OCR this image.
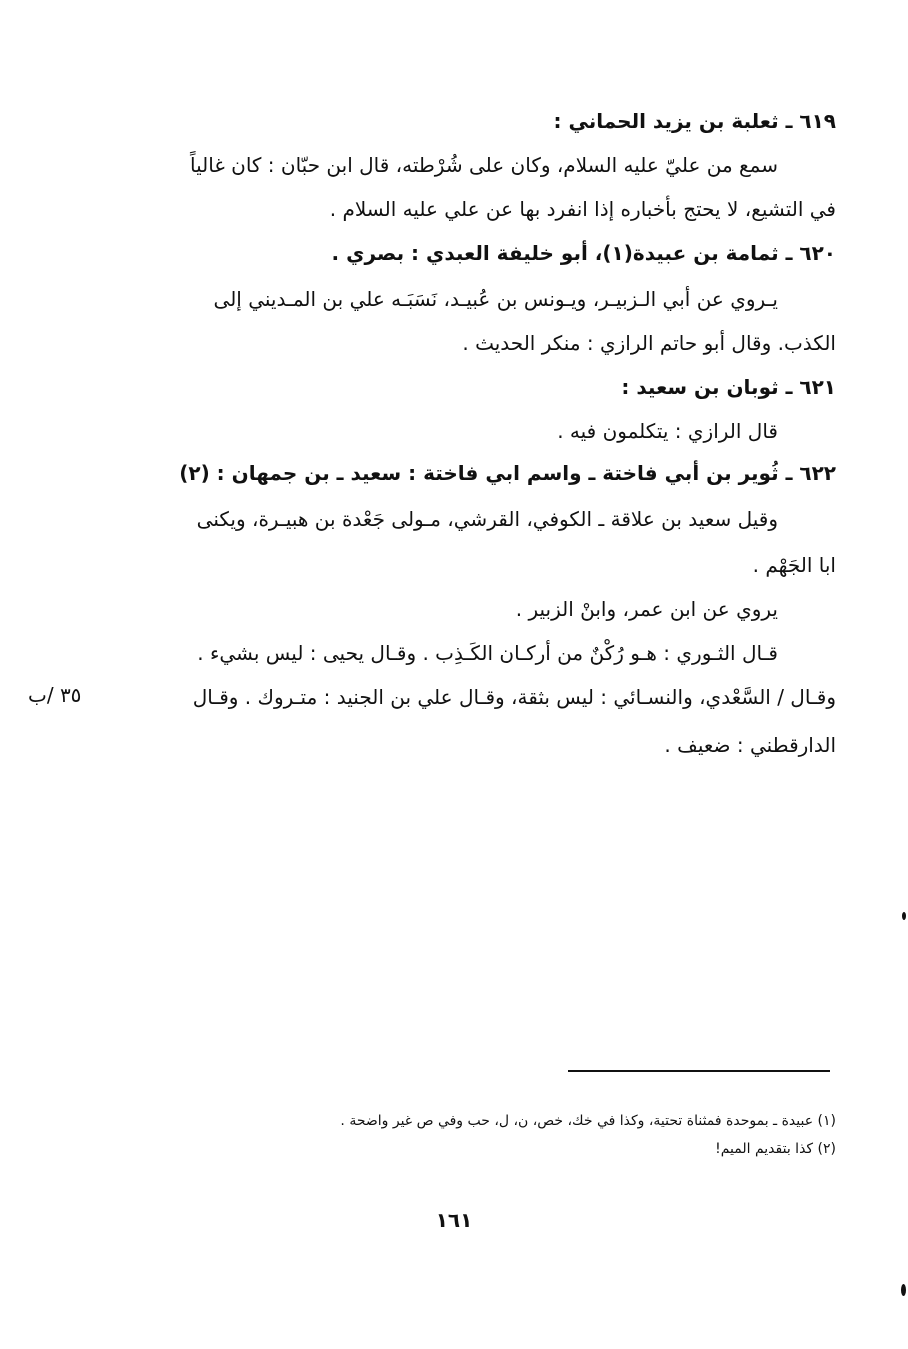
٦١٩ ـ ثعلبة بن يزيد الحماني :
سمع من عليّ عليه السلام، وكان على شُرْطته، قال ابن حبّان : كان غالياً
في التشيع، لا يحتج بأخباره إذا انفرد بها عن علي عليه السلام .
٦٢٠ ـ ثمامة بن عبيدة(١)، أبو خليفة العبدي : بصري .
يـروي عن أبي الـزبيـر، ويـونس بن عُبيـد، نَسَبَـه علي بن المـديني إلى
الكذب. وقال أبو حاتم الرازي : منكر الحديث .
٦٢١ ـ ثوبان بن سعيد :
قال الرازي : يتكلمون فيه .
٦٢٢ ـ ثُوير بن أبي فاختة ـ واسم ابي فاختة : سعيد ـ بن جمهان : (٢)
وقيل سعيد بن علاقة ـ الكوفي، القرشي، مـولى جَعْدة بن هبيـرة، ويكنى
ابا الجَهْم .
يروي عن ابن عمر، وابنْ الزبير .
قـال الثـوري : هـو رُكْنٌ من أركـان الكَـذِب . وقـال يحيى : ليس بشيء .
وقـال / السَّعْدي، والنسـائي : ليس بثقة، وقـال علي بن الجنيد : متـروك . وقـال
الدارقطني : ضعيف .
٣٥ /ب
(١) عبيدة ـ بموحدة فمثناة تحتية، وكذا في خك، خص، ن، ل، حب وفي ص غير واضحة .
(٢) كذا بتقديم الميم!
١٦١
